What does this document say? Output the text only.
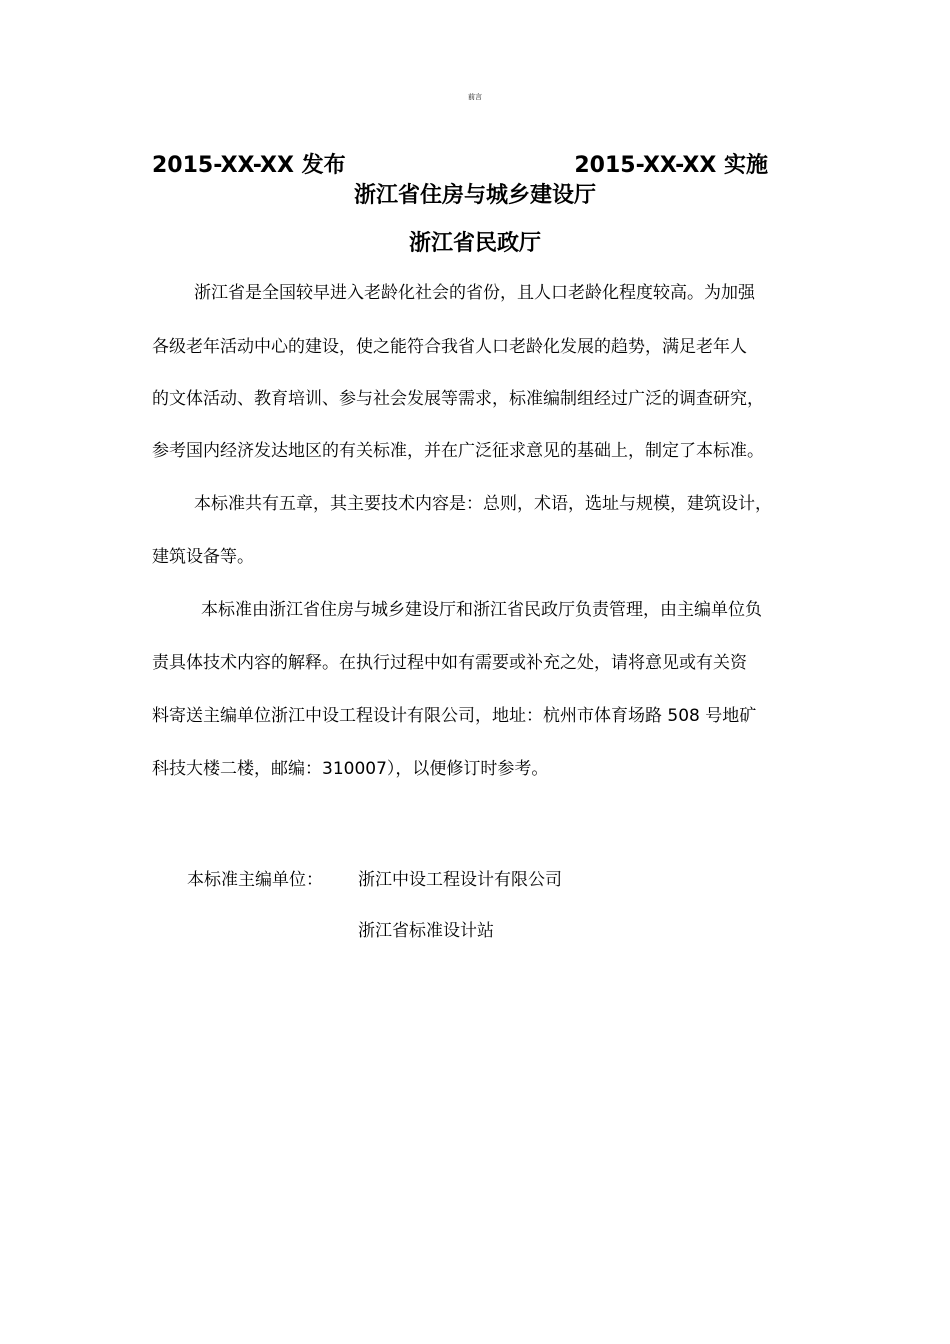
前言
2015-XX-XX 发布	2015-XX-XX 实施
浙江省住房与城乡建设厅
浙江省民政厅
浙江省是全国较早进入老龄化社会的省份，且人口老龄化程度较高。为加强
各级老年活动中心的建设，使之能符合我省人口老龄化发展的趋势，满足老年人
的文体活动、教育培训、参与社会发展等需求，标准编制组经过广泛的调查研究，
参考国内经济发达地区的有关标准，并在广泛征求意见的基础上，制定了本标准。
本标准共有五章，其主要技术内容是：总则，术语，选址与规模，建筑设计，
建筑设备等。
本标准由浙江省住房与城乡建设厅和浙江省民政厅负责管理，由主编单位负
责具体技术内容的解释。在执行过程中如有需要或补充之处，请将意见或有关资
料寄送主编单位浙江中设工程设计有限公司，地址：杭州市体育场路 508 号地矿
科技大楼二楼，邮编：310007），以便修订时参考。
本标准主编单位： 浙江中设工程设计有限公司
浙江省标准设计站
